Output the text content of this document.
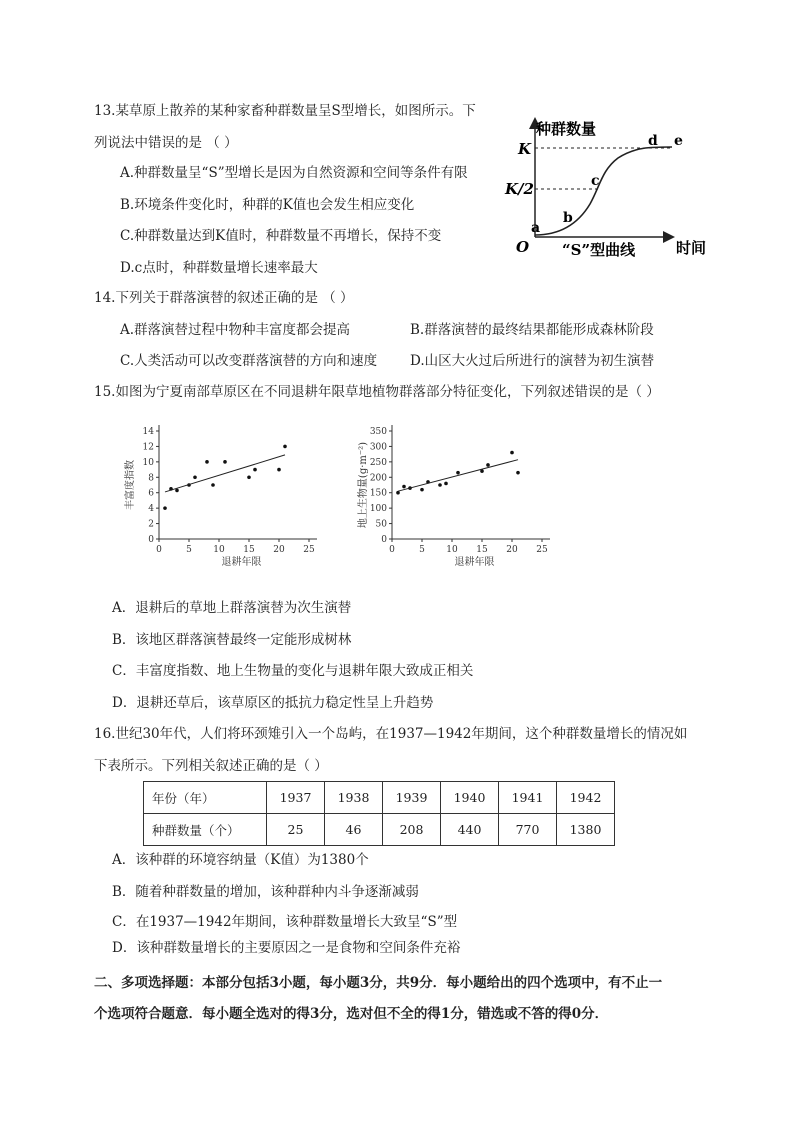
13.某草原上散养的某种家畜种群数量呈S型增长，如图所示。下
列说法中错误的是 （ ）
A.种群数量呈“S”型增长是因为自然资源和空间等条件有限
B.环境条件变化时，种群的K值也会发生相应变化
C.种群数量达到K值时，种群数量不再增长，保持不变
D.c点时，种群数量增长速率最大
种群数量
K
K/2
O	时间
“S”型曲线
a
b
c
d e
14.下列关于群落演替的叙述正确的是 （ ）
A.群落演替过程中物种丰富度都会提高	B.群落演替的最终结果都能形成森林阶段
C.人类活动可以改变群落演替的方向和速度 D.山区大火过后所进行的演替为初生演替
15.如图为宁夏南部草原区在不同退耕年限草地植物群落部分特征变化，下列叙述错误的是（ ）
0	5 10 15 20 25
0
2
4
6
8
10
12
14
退耕年限
丰富度指数
0	5 10 15 20 25
0
50
100
150
200
250
300
350
退耕年限
地上生物量(g·m⁻²)
A．退耕后的草地上群落演替为次生演替
B．该地区群落演替最终一定能形成树林
C．丰富度指数、地上生物量的变化与退耕年限大致成正相关
D．退耕还草后，该草原区的抵抗力稳定性呈上升趋势
16.世纪30年代，人们将环颈雉引入一个岛屿，在1937—1942年期间，这个种群数量增长的情况如
下表所示。下列相关叙述正确的是（ ）
年份（年）	1937	1938	1939	1940	1941	1942
种群数量（个）	25	46	208	440	770	1380
A．该种群的环境容纳量（K值）为1380个
B．随着种群数量的增加，该种群种内斗争逐渐减弱
C．在1937—1942年期间，该种群数量增长大致呈“S”型
D．该种群数量增长的主要原因之一是食物和空间条件充裕
二、多项选择题：本部分包括3小题，每小题3分，共9分．每小题给出的四个选项中，有不止一
个选项符合题意．每小题全选对的得3分，选对但不全的得1分，错选或不答的得0分．
